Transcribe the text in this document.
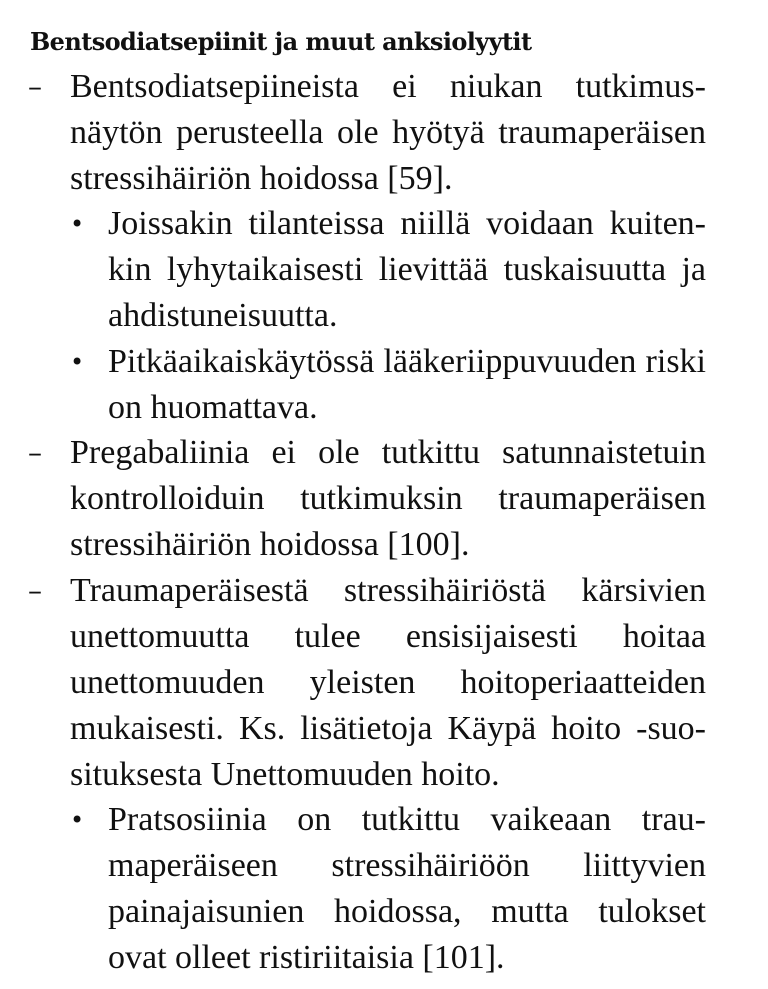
Bentsodiatsepiinit ja muut anksiolyytit
– Bentsodiatsepiineista ei niukan tutkimusnäytön perusteella ole hyötyä traumaperäisen stressihäiriön hoidossa [59].

• Joissakin tilanteissa niillä voidaan kuitenkin lyhytaikaisesti lievittää tuskaisuutta ja ahdistuneisuutta.

• Pitkäaikaiskäytössä lääkeriippuvuuden riski on huomattava.

– Pregabaliinia ei ole tutkittu satunnaistetuin kontrolloiduin tutkimuksin traumaperäisen stressihäiriön hoidossa [100].

– Traumaperäisestä stressihäiriöstä kärsivien unettomuutta tulee ensisijaisesti hoitaa unettomuuden yleisten hoitoperiaatteiden mukaisesti. Ks. lisätietoja Käypä hoito -suosituksesta Unettomuuden hoito.

• Pratsosiinia on tutkittu vaikeaan traumaperäiseen stressihäiriöön liittyvien painajaisunien hoidossa, mutta tulokset ovat olleet ristiriitaisia [101].
